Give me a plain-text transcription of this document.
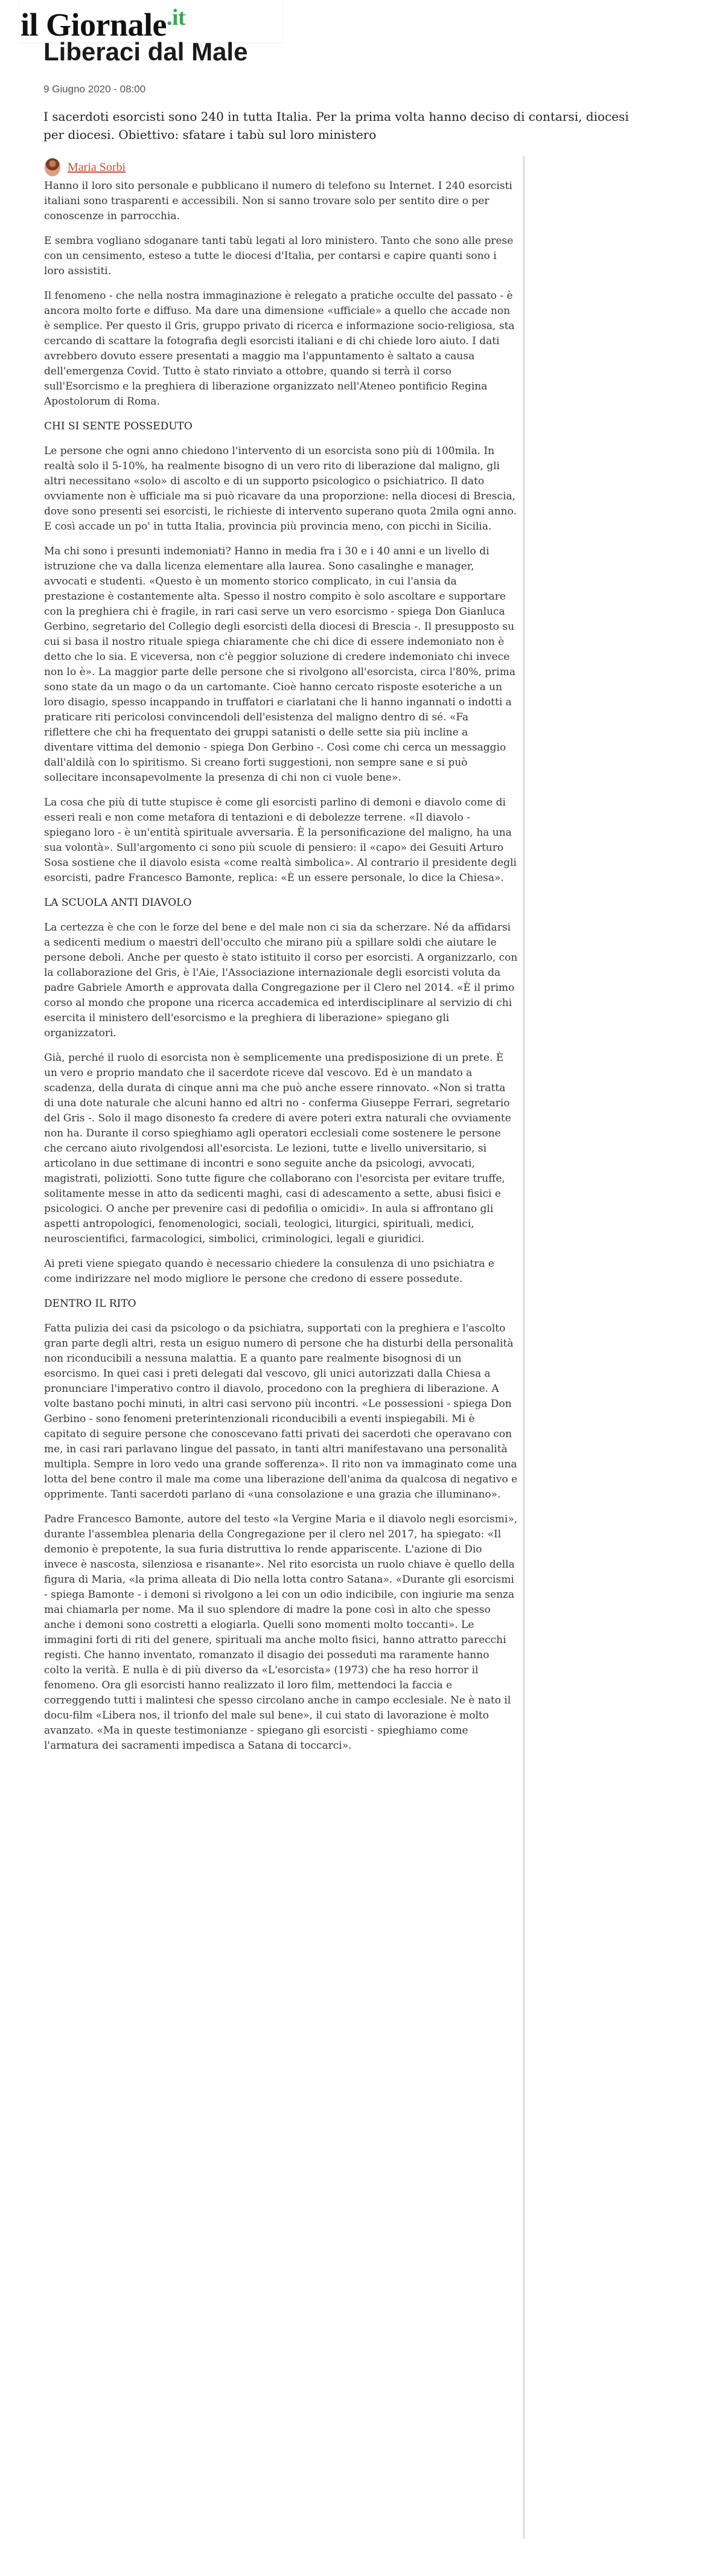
il Giornale$^{.it}$
Liberaci dal Male
9 Giugno 2020 - 08:00

I sacerdoti esorcisti sono 240 in tutta Italia. Per la prima volta hanno deciso di contarsi, diocesi per diocesi. Obiettivo: sfatare i tabù sul loro ministero

Maria Sorbi

Hanno il loro sito personale e pubblicano il numero di telefono su Internet. I 240 esorcisti italiani sono trasparenti e accessibili. Non si sanno trovare solo per sentito dire o per conoscenze in parrocchia.

E sembra vogliano sdoganare tanti tabù legati al loro ministero. Tanto che sono alle prese con un censimento, esteso a tutte le diocesi d'Italia, per contarsi e capire quanti sono i loro assistiti.

Il fenomeno - che nella nostra immaginazione è relegato a pratiche occulte del passato - è ancora molto forte e diffuso. Ma dare una dimensione «ufficiale» a quello che accade non è semplice. Per questo il Gris, gruppo privato di ricerca e informazione socio-religiosa, sta cercando di scattare la fotografia degli esorcisti italiani e di chi chiede loro aiuto. I dati avrebbero dovuto essere presentati a maggio ma l'appuntamento è saltato a causa dell'emergenza Covid. Tutto è stato rinviato a ottobre, quando si terrà il corso sull'Esorcismo e la preghiera di liberazione organizzato nell'Ateneo pontificio Regina Apostolorum di Roma.

CHI SI SENTE POSSEDUTO

Le persone che ogni anno chiedono l'intervento di un esorcista sono più di 100mila. In realtà solo il 5-10%, ha realmente bisogno di un vero rito di liberazione dal maligno, gli altri necessitano «solo» di ascolto e di un supporto psicologico o psichiatrico. Il dato ovviamente non è ufficiale ma si può ricavare da una proporzione: nella diocesi di Brescia, dove sono presenti sei esorcisti, le richieste di intervento superano quota 2mila ogni anno. E così accade un po' in tutta Italia, provincia più provincia meno, con picchi in Sicilia.

Ma chi sono i presunti indemoniati? Hanno in media fra i 30 e i 40 anni e un livello di istruzione che va dalla licenza elementare alla laurea. Sono casalinghe e manager, avvocati e studenti. «Questo è un momento storico complicato, in cui l'ansia da prestazione è costantemente alta. Spesso il nostro compito è solo ascoltare e supportare con la preghiera chi è fragile, in rari casi serve un vero esorcismo - spiega Don Gianluca Gerbino, segretario del Collegio degli esorcisti della diocesi di Brescia -. Il presupposto su cui si basa il nostro rituale spiega chiaramente che chi dice di essere indemoniato non è detto che lo sia. E viceversa, non c'è peggior soluzione di credere indemoniato chi invece non lo è». La maggior parte delle persone che si rivolgono all'esorcista, circa l'80%, prima sono state da un mago o da un cartomante. Cioè hanno cercato risposte esoteriche a un loro disagio, spesso incappando in truffatori e ciarlatani che li hanno ingannati o indotti a praticare riti pericolosi convincendoli dell'esistenza del maligno dentro di sé. «Fa riflettere che chi ha frequentato dei gruppi satanisti o delle sette sia più incline a diventare vittima del demonio - spiega Don Gerbino -. Così come chi cerca un messaggio dall'aldilà con lo spiritismo. Si creano forti suggestioni, non sempre sane e si può sollecitare inconsapevolmente la presenza di chi non ci vuole bene».

La cosa che più di tutte stupisce è come gli esorcisti parlino di demoni e diavolo come di esseri reali e non come metafora di tentazioni e di debolezze terrene. «Il diavolo - spiegano loro - è un'entità spirituale avversaria. È la personificazione del maligno, ha una sua volontà». Sull'argomento ci sono più scuole di pensiero: il «capo» dei Gesuiti Arturo Sosa sostiene che il diavolo esista «come realtà simbolica». Al contrario il presidente degli esorcisti, padre Francesco Bamonte, replica: «È un essere personale, lo dice la Chiesa».

LA SCUOLA ANTI DIAVOLO

La certezza è che con le forze del bene e del male non ci sia da scherzare. Né da affidarsi a sedicenti medium o maestri dell'occulto che mirano più a spillare soldi che aiutare le persone deboli. Anche per questo è stato istituito il corso per esorcisti. A organizzarlo, con la collaborazione del Gris, è l'Aie, l'Associazione internazionale degli esorcisti voluta da padre Gabriele Amorth e approvata dalla Congregazione per il Clero nel 2014. «È il primo corso al mondo che propone una ricerca accademica ed interdisciplinare al servizio di chi esercita il ministero dell'esorcismo e la preghiera di liberazione» spiegano gli organizzatori.

Già, perché il ruolo di esorcista non è semplicemente una predisposizione di un prete. È un vero e proprio mandato che il sacerdote riceve dal vescovo. Ed è un mandato a scadenza, della durata di cinque anni ma che può anche essere rinnovato. «Non si tratta di una dote naturale che alcuni hanno ed altri no - conferma Giuseppe Ferrari, segretario del Gris -. Solo il mago disonesto fa credere di avere poteri extra naturali che ovviamente non ha. Durante il corso spieghiamo agli operatori ecclesiali come sostenere le persone che cercano aiuto rivolgendosi all'esorcista. Le lezioni, tutte e livello universitario, si articolano in due settimane di incontri e sono seguite anche da psicologi, avvocati, magistrati, poliziotti. Sono tutte figure che collaborano con l'esorcista per evitare truffe, solitamente messe in atto da sedicenti maghi, casi di adescamento a sette, abusi fisici e psicologici. O anche per prevenire casi di pedofilia o omicidi». In aula si affrontano gli aspetti antropologici, fenomenologici, sociali, teologici, liturgici, spirituali, medici, neuroscientifici, farmacologici, simbolici, criminologici, legali e giuridici.

Ai preti viene spiegato quando è necessario chiedere la consulenza di uno psichiatra e come indirizzare nel modo migliore le persone che credono di essere possedute.

DENTRO IL RITO

Fatta pulizia dei casi da psicologo o da psichiatra, supportati con la preghiera e l'ascolto gran parte degli altri, resta un esiguo numero di persone che ha disturbi della personalità non riconducibili a nessuna malattia. E a quanto pare realmente bisognosi di un esorcismo. In quei casi i preti delegati dal vescovo, gli unici autorizzati dalla Chiesa a pronunciare l'imperativo contro il diavolo, procedono con la preghiera di liberazione. A volte bastano pochi minuti, in altri casi servono più incontri. «Le possessioni - spiega Don Gerbino - sono fenomeni preterintenzionali riconducibili a eventi inspiegabili. Mi è capitato di seguire persone che conoscevano fatti privati dei sacerdoti che operavano con me, in casi rari parlavano lingue del passato, in tanti altri manifestavano una personalità multipla. Sempre in loro vedo una grande sofferenza». Il rito non va immaginato come una lotta del bene contro il male ma come una liberazione dell'anima da qualcosa di negativo e opprimente. Tanti sacerdoti parlano di «una consolazione e una grazia che illuminano».

Padre Francesco Bamonte, autore del testo «la Vergine Maria e il diavolo negli esorcismi», durante l'assemblea plenaria della Congregazione per il clero nel 2017, ha spiegato: «Il demonio è prepotente, la sua furia distruttiva lo rende appariscente. L'azione di Dio invece è nascosta, silenziosa e risanante». Nel rito esorcista un ruolo chiave è quello della figura di Maria, «la prima alleata di Dio nella lotta contro Satana». «Durante gli esorcismi - spiega Bamonte - i demoni si rivolgono a lei con un odio indicibile, con ingiurie ma senza mai chiamarla per nome. Ma il suo splendore di madre la pone così in alto che spesso anche i demoni sono costretti a elogiarla. Quelli sono momenti molto toccanti». Le immagini forti di riti del genere, spirituali ma anche molto fisici, hanno attratto parecchi registi. Che hanno inventato, romanzato il disagio dei posseduti ma raramente hanno colto la verità. E nulla è di più diverso da «L'esorcista» (1973) che ha reso horror il fenomeno. Ora gli esorcisti hanno realizzato il loro film, mettendoci la faccia e correggendo tutti i malintesi che spesso circolano anche in campo ecclesiale. Ne è nato il docu-film «Libera nos, il trionfo del male sul bene», il cui stato di lavorazione è molto avanzato. «Ma in queste testimonianze - spiegano gli esorcisti - spieghiamo come l'armatura dei sacramenti impedisca a Satana di toccarci».
